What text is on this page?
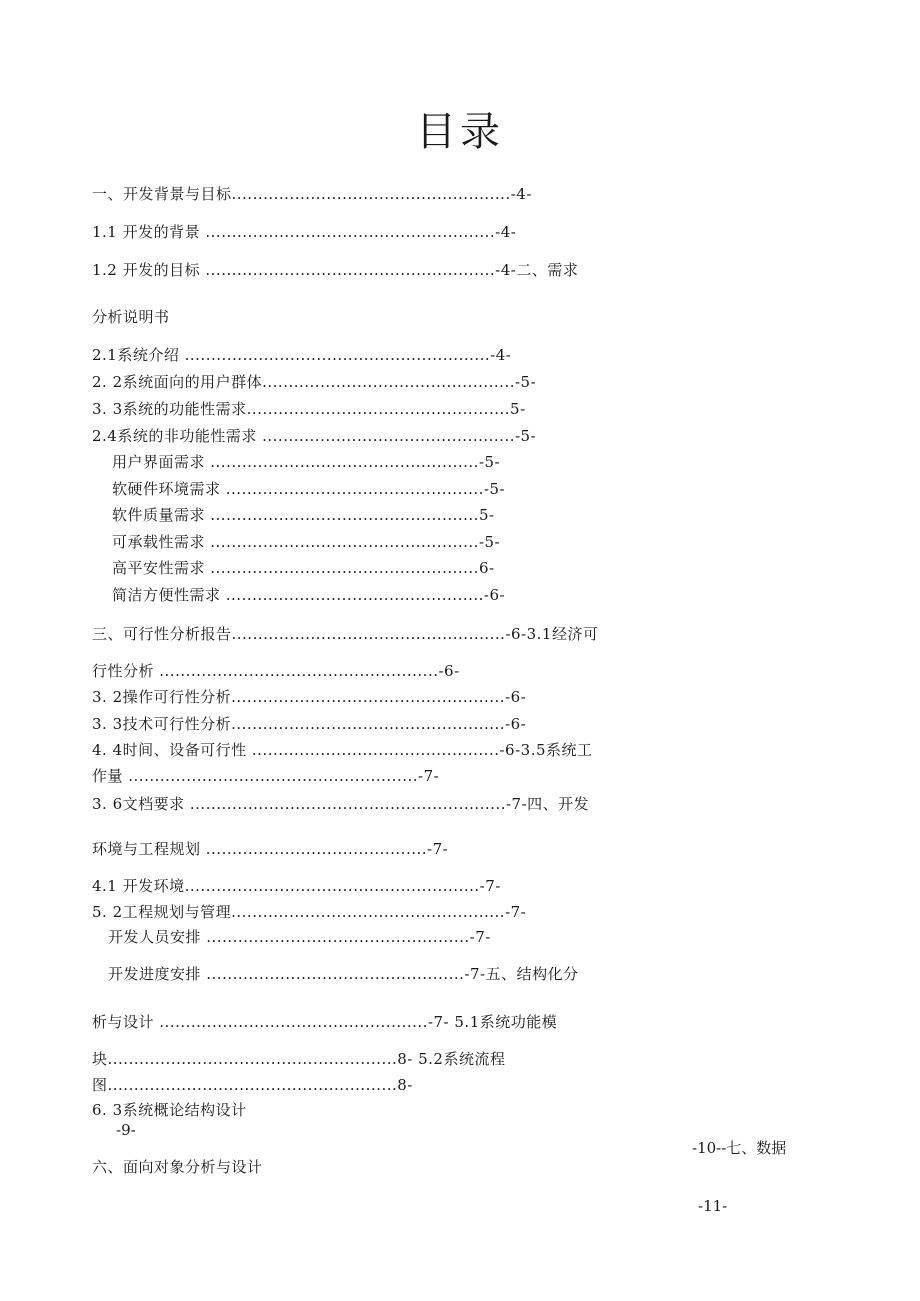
目录
一、开发背景与目标.....................................................-4-
1.1 开发的背景 .......................................................-4-
1.2 开发的目标 .......................................................-4-二、需求
分析说明书
2.1系统介绍 ..........................................................-4-
2. 2系统面向的用户群体................................................-5-
3. 3系统的功能性需求..................................................5-
2.4系统的非功能性需求 ................................................-5-
用户界面需求 ...................................................-5-
软硬件环境需求 .................................................-5-
软件质量需求 ...................................................5-
可承载性需求 ...................................................-5-
高平安性需求 ...................................................6-
简洁方便性需求 .................................................-6-
三、可行性分析报告....................................................-6-3.1经济可
行性分析 .....................................................-6-
3. 2操作可行性分析....................................................-6-
3. 3技术可行性分析....................................................-6-
4. 4时间、设备可行性 ...............................................-6-3.5系统工
作量 .......................................................-7-
3. 6文档要求 ............................................................-7-四、开发
环境与工程规划 ..........................................-7-
4.1 开发环境........................................................-7-
5. 2工程规划与管理....................................................-7-
开发人员安排 ..................................................-7-
开发进度安排 .................................................-7-五、结构化分
析与设计 ...................................................-7- 5.1系统功能模
块.......................................................8- 5.2系统流程
图.......................................................8-
6. 3系统概论结构设计
-9-
-10--七、数据
六、面向对象分析与设计
-11-
